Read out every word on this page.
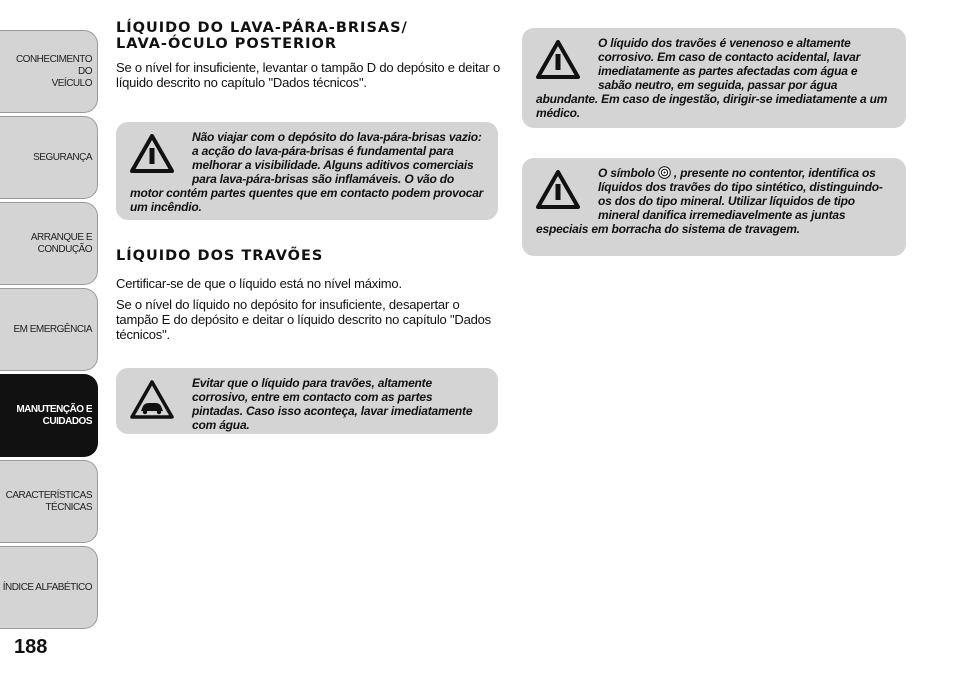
CONHECIMENTO DO
VEÍCULO
SEGURANÇA
ARRANQUE E
CONDUÇÃO
EM EMERGÊNCIA
MANUTENÇÃO E
CUIDADOS
CARACTERÍSTICAS
TÉCNICAS
ÍNDICE ALFABÉTICO
188
LÍQUIDO DO LAVA-PÁRA-BRISAS/
LAVA-ÓCULO POSTERIOR

Se o nível for insuficiente, levantar o tampão D do depósito e deitar o líquido descrito no capítulo "Dados técnicos".

Não viajar com o depósito do lava-pára-brisas vazio: a acção do lava-pára-brisas é fundamental para melhorar a visibilidade. Alguns aditivos comerciais para lava-pára-brisas são inflamáveis. O vão do motor contém partes quentes que em contacto podem provocar um incêndio.
LÍQUIDO DOS TRAVÕES

Certificar-se de que o líquido está no nível máximo.

Se o nível do líquido no depósito for insuficiente, desapertar o tampão E do depósito e deitar o líquido descrito no capítulo "Dados técnicos".

Evitar que o líquido para travões, altamente corrosivo, entre em contacto com as partes pintadas. Caso isso aconteça, lavar imediatamente com água.
O líquido dos travões é venenoso e altamente corrosivo. Em caso de contacto acidental, lavar imediatamente as partes afectadas com água e sabão neutro, em seguida, passar por água abundante. Em caso de ingestão, dirigir-se imediatamente a um médico.
O símbolo , presente no contentor, identifica os líquidos dos travões do tipo sintético, distinguindo-os dos do tipo mineral. Utilizar líquidos de tipo mineral danifica irremediavelmente as juntas especiais em borracha do sistema de travagem.
